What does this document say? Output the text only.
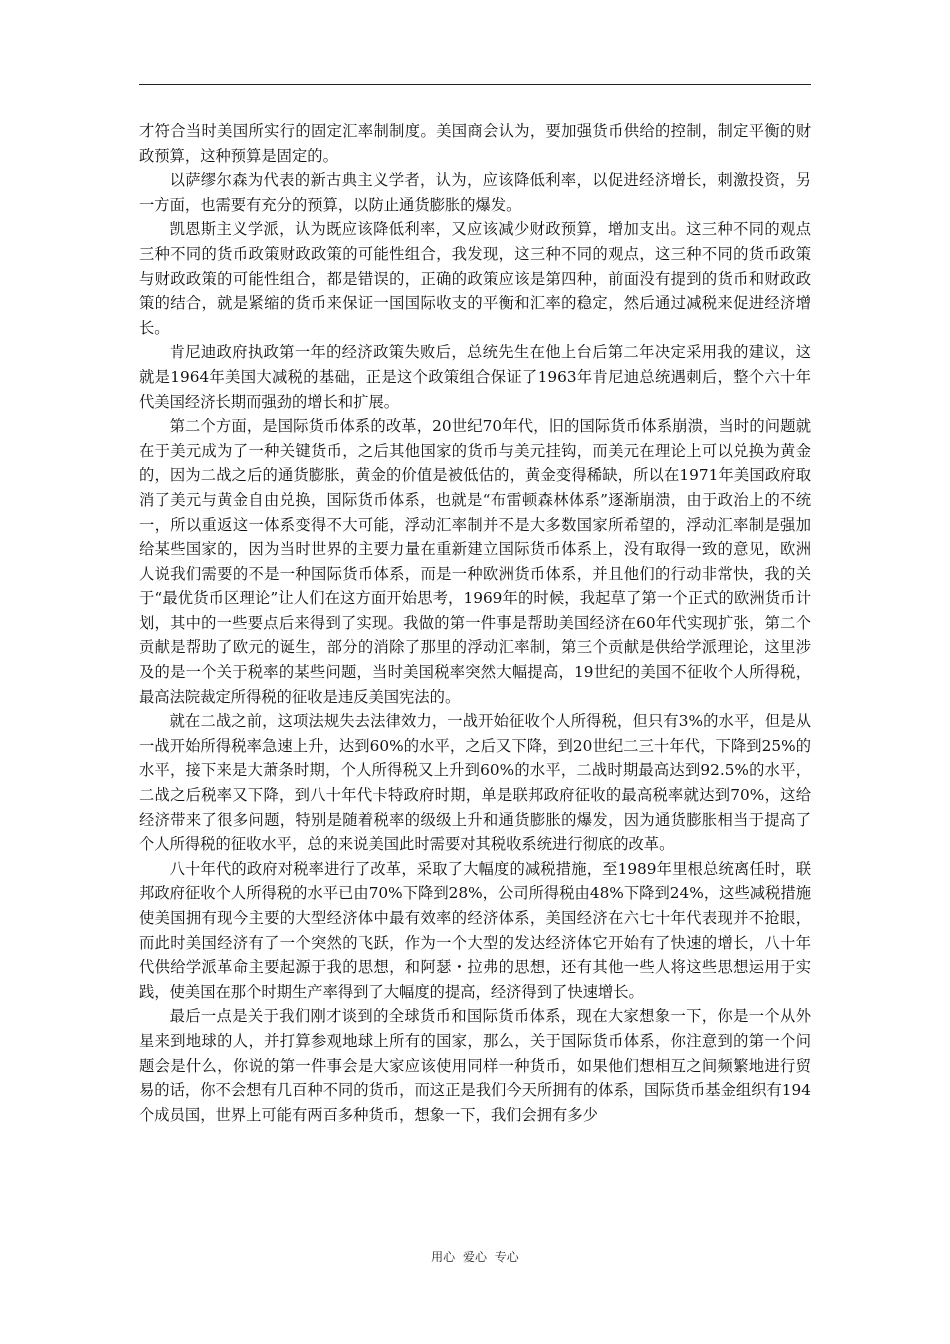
才符合当时美国所实行的固定汇率制制度。美国商会认为，要加强货币供给的控制，制定平衡的财政预算，这种预算是固定的。

以萨缪尔森为代表的新古典主义学者，认为，应该降低利率，以促进经济增长，刺激投资，另一方面，也需要有充分的预算，以防止通货膨胀的爆发。

凯恩斯主义学派，认为既应该降低利率，又应该减少财政预算，增加支出。这三种不同的观点三种不同的货币政策财政政策的可能性组合，我发现，这三种不同的观点，这三种不同的货币政策与财政政策的可能性组合，都是错误的，正确的政策应该是第四种，前面没有提到的货币和财政政策的结合，就是紧缩的货币来保证一国国际收支的平衡和汇率的稳定，然后通过减税来促进经济增长。

肯尼迪政府执政第一年的经济政策失败后，总统先生在他上台后第二年决定采用我的建议，这就是1964年美国大减税的基础，正是这个政策组合保证了1963年肯尼迪总统遇刺后，整个六十年代美国经济长期而强劲的增长和扩展。

第二个方面，是国际货币体系的改革，20世纪70年代，旧的国际货币体系崩溃，当时的问题就在于美元成为了一种关键货币，之后其他国家的货币与美元挂钩，而美元在理论上可以兑换为黄金的，因为二战之后的通货膨胀，黄金的价值是被低估的，黄金变得稀缺，所以在1971年美国政府取消了美元与黄金自由兑换，国际货币体系，也就是“布雷顿森林体系”逐渐崩溃，由于政治上的不统一，所以重返这一体系变得不大可能，浮动汇率制并不是大多数国家所希望的，浮动汇率制是强加给某些国家的，因为当时世界的主要力量在重新建立国际货币体系上，没有取得一致的意见，欧洲人说我们需要的不是一种国际货币体系，而是一种欧洲货币体系，并且他们的行动非常快，我的关于“最优货币区理论”让人们在这方面开始思考，1969年的时候，我起草了第一个正式的欧洲货币计划，其中的一些要点后来得到了实现。我做的第一件事是帮助美国经济在60年代实现扩张，第二个贡献是帮助了欧元的诞生，部分的消除了那里的浮动汇率制，第三个贡献是供给学派理论，这里涉及的是一个关于税率的某些问题，当时美国税率突然大幅提高，19世纪的美国不征收个人所得税，最高法院裁定所得税的征收是违反美国宪法的。

就在二战之前，这项法规失去法律效力，一战开始征收个人所得税，但只有3%的水平，但是从一战开始所得税率急速上升，达到60%的水平，之后又下降，到20世纪二三十年代，下降到25%的水平，接下来是大萧条时期，个人所得税又上升到60%的水平，二战时期最高达到92.5%的水平，二战之后税率又下降，到八十年代卡特政府时期，单是联邦政府征收的最高税率就达到70%，这给经济带来了很多问题，特别是随着税率的级级上升和通货膨胀的爆发，因为通货膨胀相当于提高了个人所得税的征收水平，总的来说美国此时需要对其税收系统进行彻底的改革。

八十年代的政府对税率进行了改革，采取了大幅度的减税措施，至1989年里根总统离任时，联邦政府征收个人所得税的水平已由70%下降到28%，公司所得税由48%下降到24%，这些减税措施使美国拥有现今主要的大型经济体中最有效率的经济体系，美国经济在六七十年代表现并不抢眼，而此时美国经济有了一个突然的飞跃，作为一个大型的发达经济体它开始有了快速的增长，八十年代供给学派革命主要起源于我的思想，和阿瑟・拉弗的思想，还有其他一些人将这些思想运用于实践，使美国在那个时期生产率得到了大幅度的提高，经济得到了快速增长。

最后一点是关于我们刚才谈到的全球货币和国际货币体系，现在大家想象一下，你是一个从外星来到地球的人，并打算参观地球上所有的国家，那么，关于国际货币体系，你注意到的第一个问题会是什么，你说的第一件事会是大家应该使用同样一种货币，如果他们想相互之间频繁地进行贸易的话，你不会想有几百种不同的货币，而这正是我们今天所拥有的体系，国际货币基金组织有194个成员国，世界上可能有两百多种货币，想象一下，我们会拥有多少

用心 爱心 专心
